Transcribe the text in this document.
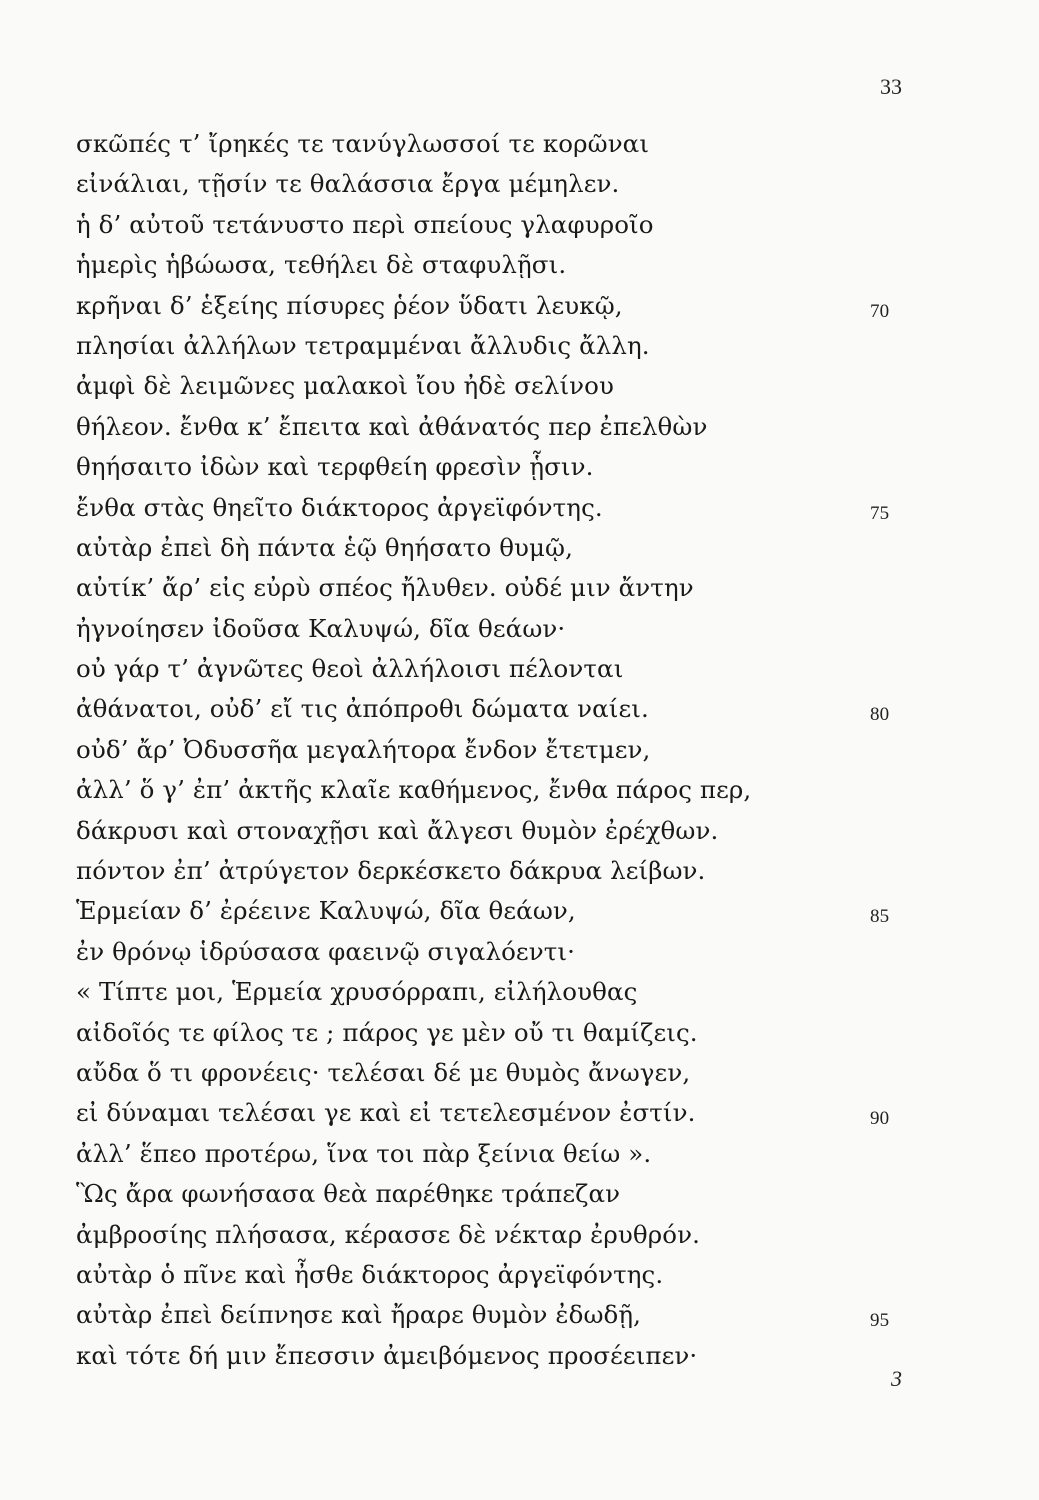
33
σκῶπές τ’ ἴρηκές τε τανύγλωσσοί τε κορῶναι
εἰνάλιαι, τῇσίν τε θαλάσσια ἔργα μέμηλεν.
ἡ δ’ αὐτοῦ τετάνυστο περὶ σπείους γλαφυροῖο
ἡμερὶς ἡβώωσα, τεθήλει δὲ σταφυλῇσι.
κρῆναι δ’ ἑξείης πίσυρες ῥέον ὕδατι λευκῷ,	70
πλησίαι ἀλλήλων τετραμμέναι ἄλλυδις ἄλλη.
ἀμφὶ δὲ λειμῶνες μαλακοὶ ἴου ἠδὲ σελίνου
θήλεον. ἔνθα κ’ ἔπειτα καὶ ἀθάνατός περ ἐπελθὼν
θηήσαιτο ἰδὼν καὶ τερφθείη φρεσὶν ᾗσιν.
ἔνθα στὰς θηεῖτο διάκτορος ἀργεϊφόντης.	75
αὐτὰρ ἐπεὶ δὴ πάντα ἑῷ θηήσατο θυμῷ,
αὐτίκ’ ἄρ’ εἰς εὐρὺ σπέος ἤλυθεν. οὐδέ μιν ἄντην
ἠγνοίησεν ἰδοῦσα Καλυψώ, δῖα θεάων·
οὐ γάρ τ’ ἀγνῶτες θεοὶ ἀλλήλοισι πέλονται
ἀθάνατοι, οὐδ’ εἴ τις ἀπόπροθι δώματα ναίει.	80
οὐδ’ ἄρ’ Ὀδυσσῆα μεγαλήτορα ἔνδον ἔτετμεν,
ἀλλ’ ὅ γ’ ἐπ’ ἀκτῆς κλαῖε καθήμενος, ἔνθα πάρος περ,
δάκρυσι καὶ στοναχῇσι καὶ ἄλγεσι θυμὸν ἐρέχθων.
πόντον ἐπ’ ἀτρύγετον δερκέσκετο δάκρυα λείβων.
Ἑρμείαν δ’ ἐρέεινε Καλυψώ, δῖα θεάων,	85
ἐν θρόνῳ ἱδρύσασα φαεινῷ σιγαλόεντι·
« Τίπτε μοι, Ἑρμεία χρυσόρραπι, εἰλήλουθας
αἰδοῖός τε φίλος τε ; πάρος γε μὲν οὔ τι θαμίζεις.
αὔδα ὅ τι φρονέεις· τελέσαι δέ με θυμὸς ἄνωγεν,
εἰ δύναμαι τελέσαι γε καὶ εἰ τετελεσμένον ἐστίν.	90
ἀλλ’ ἕπεο προτέρω, ἵνα τοι πὰρ ξείνια θείω ».
Ὣς ἄρα φωνήσασα θεὰ παρέθηκε τράπεζαν
ἀμβροσίης πλήσασα, κέρασσε δὲ νέκταρ ἐρυθρόν.
αὐτὰρ ὁ πῖνε καὶ ἦσθε διάκτορος ἀργεϊφόντης.
αὐτὰρ ἐπεὶ δείπνησε καὶ ἤραρε θυμὸν ἐδωδῇ,	95
καὶ τότε δή μιν ἔπεσσιν ἀμειβόμενος προσέειπεν·
3
